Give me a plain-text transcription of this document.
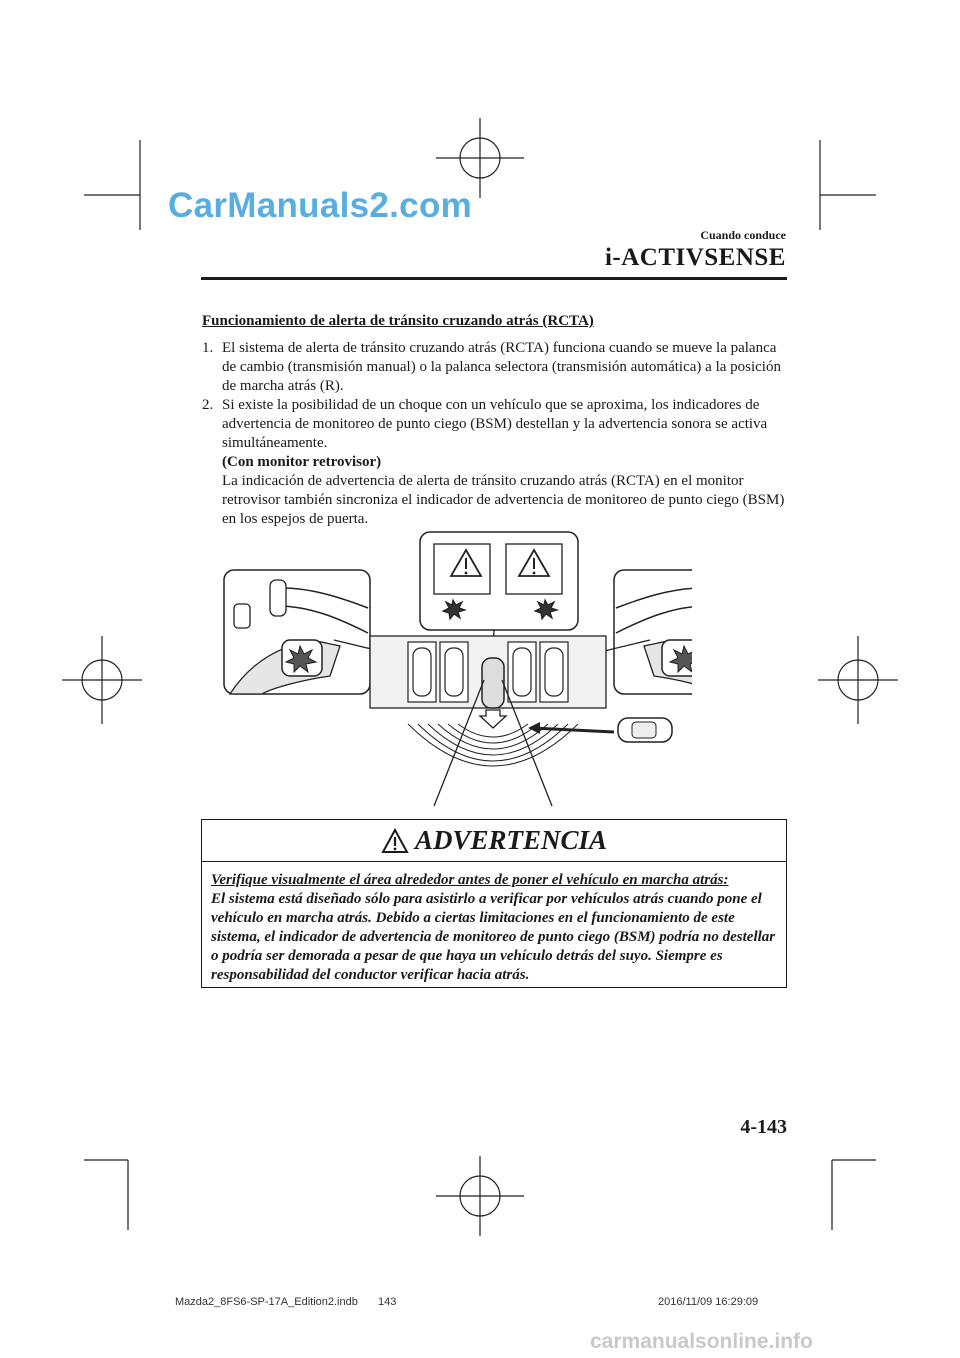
CarManuals2.com
Cuando conduce
i-ACTIVSENSE
Funcionamiento de alerta de tránsito cruzando atrás (RCTA)
1. El sistema de alerta de tránsito cruzando atrás (RCTA) funciona cuando se mueve la palanca de cambio (transmisión manual) o la palanca selectora (transmisión automática) a la posición de marcha atrás (R).
2. Si existe la posibilidad de un choque con un vehículo que se aproxima, los indicadores de advertencia de monitoreo de punto ciego (BSM) destellan y la advertencia sonora se activa simultáneamente.
(Con monitor retrovisor)
La indicación de advertencia de alerta de tránsito cruzando atrás (RCTA) en el monitor retrovisor también sincroniza el indicador de advertencia de monitoreo de punto ciego (BSM) en los espejos de puerta.
ADVERTENCIA
Verifique visualmente el área alrededor antes de poner el vehículo en marcha atrás:
El sistema está diseñado sólo para asistirlo a verificar por vehículos atrás cuando pone el vehículo en marcha atrás. Debido a ciertas limitaciones en el funcionamiento de este sistema, el indicador de advertencia de monitoreo de punto ciego (BSM) podría no destellar o podría ser demorada a pesar de que haya un vehículo detrás del suyo. Siempre es responsabilidad del conductor verificar hacia atrás.
4-143
Mazda2_8FS6-SP-17A_Edition2.indb 143	2016/11/09 16:29:09
carmanualsonline.info
